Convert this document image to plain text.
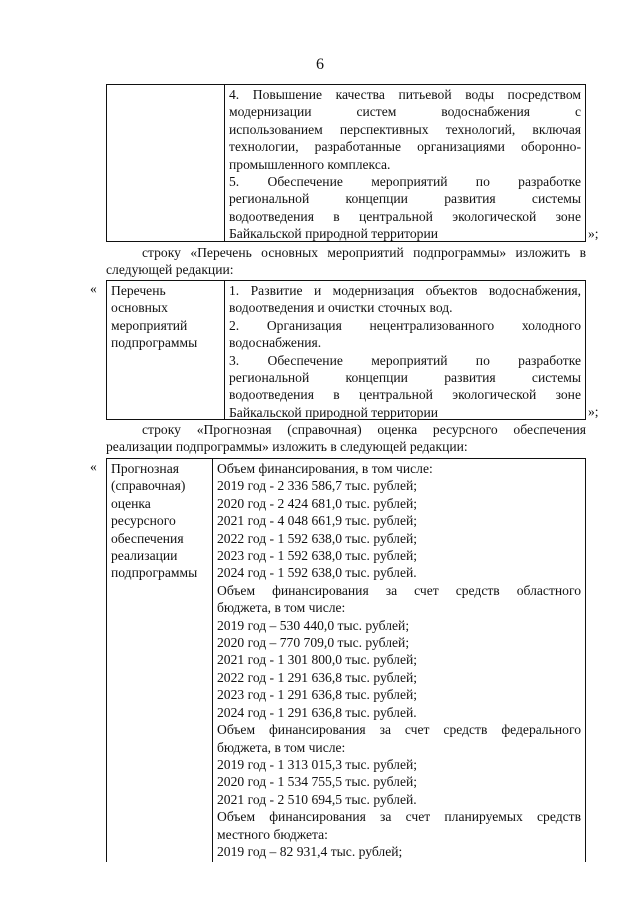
6
4. Повышение качества питьевой воды посредством
модернизации систем водоснабжения с
использованием перспективных технологий, включая
технологии, разработанные организациями оборонно-
промышленного комплекса.
5. Обеспечение мероприятий по разработке
региональной концепции развития системы
водоотведения в центральной экологической зоне
Байкальской природной территории	»;
строку «Перечень основных мероприятий подпрограммы» изложить в
следующей редакции:
« Перечень
основных
мероприятий
подпрограммы
1. Развитие и модернизация объектов водоснабжения,
водоотведения и очистки сточных вод.
2. Организация нецентрализованного холодного
водоснабжения.
3. Обеспечение мероприятий по разработке
региональной концепции развития системы
водоотведения в центральной экологической зоне
Байкальской природной территории	»;
строку «Прогнозная (справочная) оценка ресурсного обеспечения
реализации подпрограммы» изложить в следующей редакции:
« Прогнозная
(справочная)
оценка
ресурсного
обеспечения
реализации
подпрограммы
Объем финансирования, в том числе:
2019 год - 2 336 586,7 тыс. рублей;
2020 год - 2 424 681,0 тыс. рублей;
2021 год - 4 048 661,9 тыс. рублей;
2022 год - 1 592 638,0 тыс. рублей;
2023 год - 1 592 638,0 тыс. рублей;
2024 год - 1 592 638,0 тыс. рублей.
Объем финансирования за счет средств областного
бюджета, в том числе:
2019 год – 530 440,0 тыс. рублей;
2020 год – 770 709,0 тыс. рублей;
2021 год - 1 301 800,0 тыс. рублей;
2022 год - 1 291 636,8 тыс. рублей;
2023 год - 1 291 636,8 тыс. рублей;
2024 год - 1 291 636,8 тыс. рублей.
Объем финансирования за счет средств федерального
бюджета, в том числе:
2019 год - 1 313 015,3 тыс. рублей;
2020 год - 1 534 755,5 тыс. рублей;
2021 год - 2 510 694,5 тыс. рублей.
Объем финансирования за счет планируемых средств
местного бюджета:
2019 год – 82 931,4 тыс. рублей;
